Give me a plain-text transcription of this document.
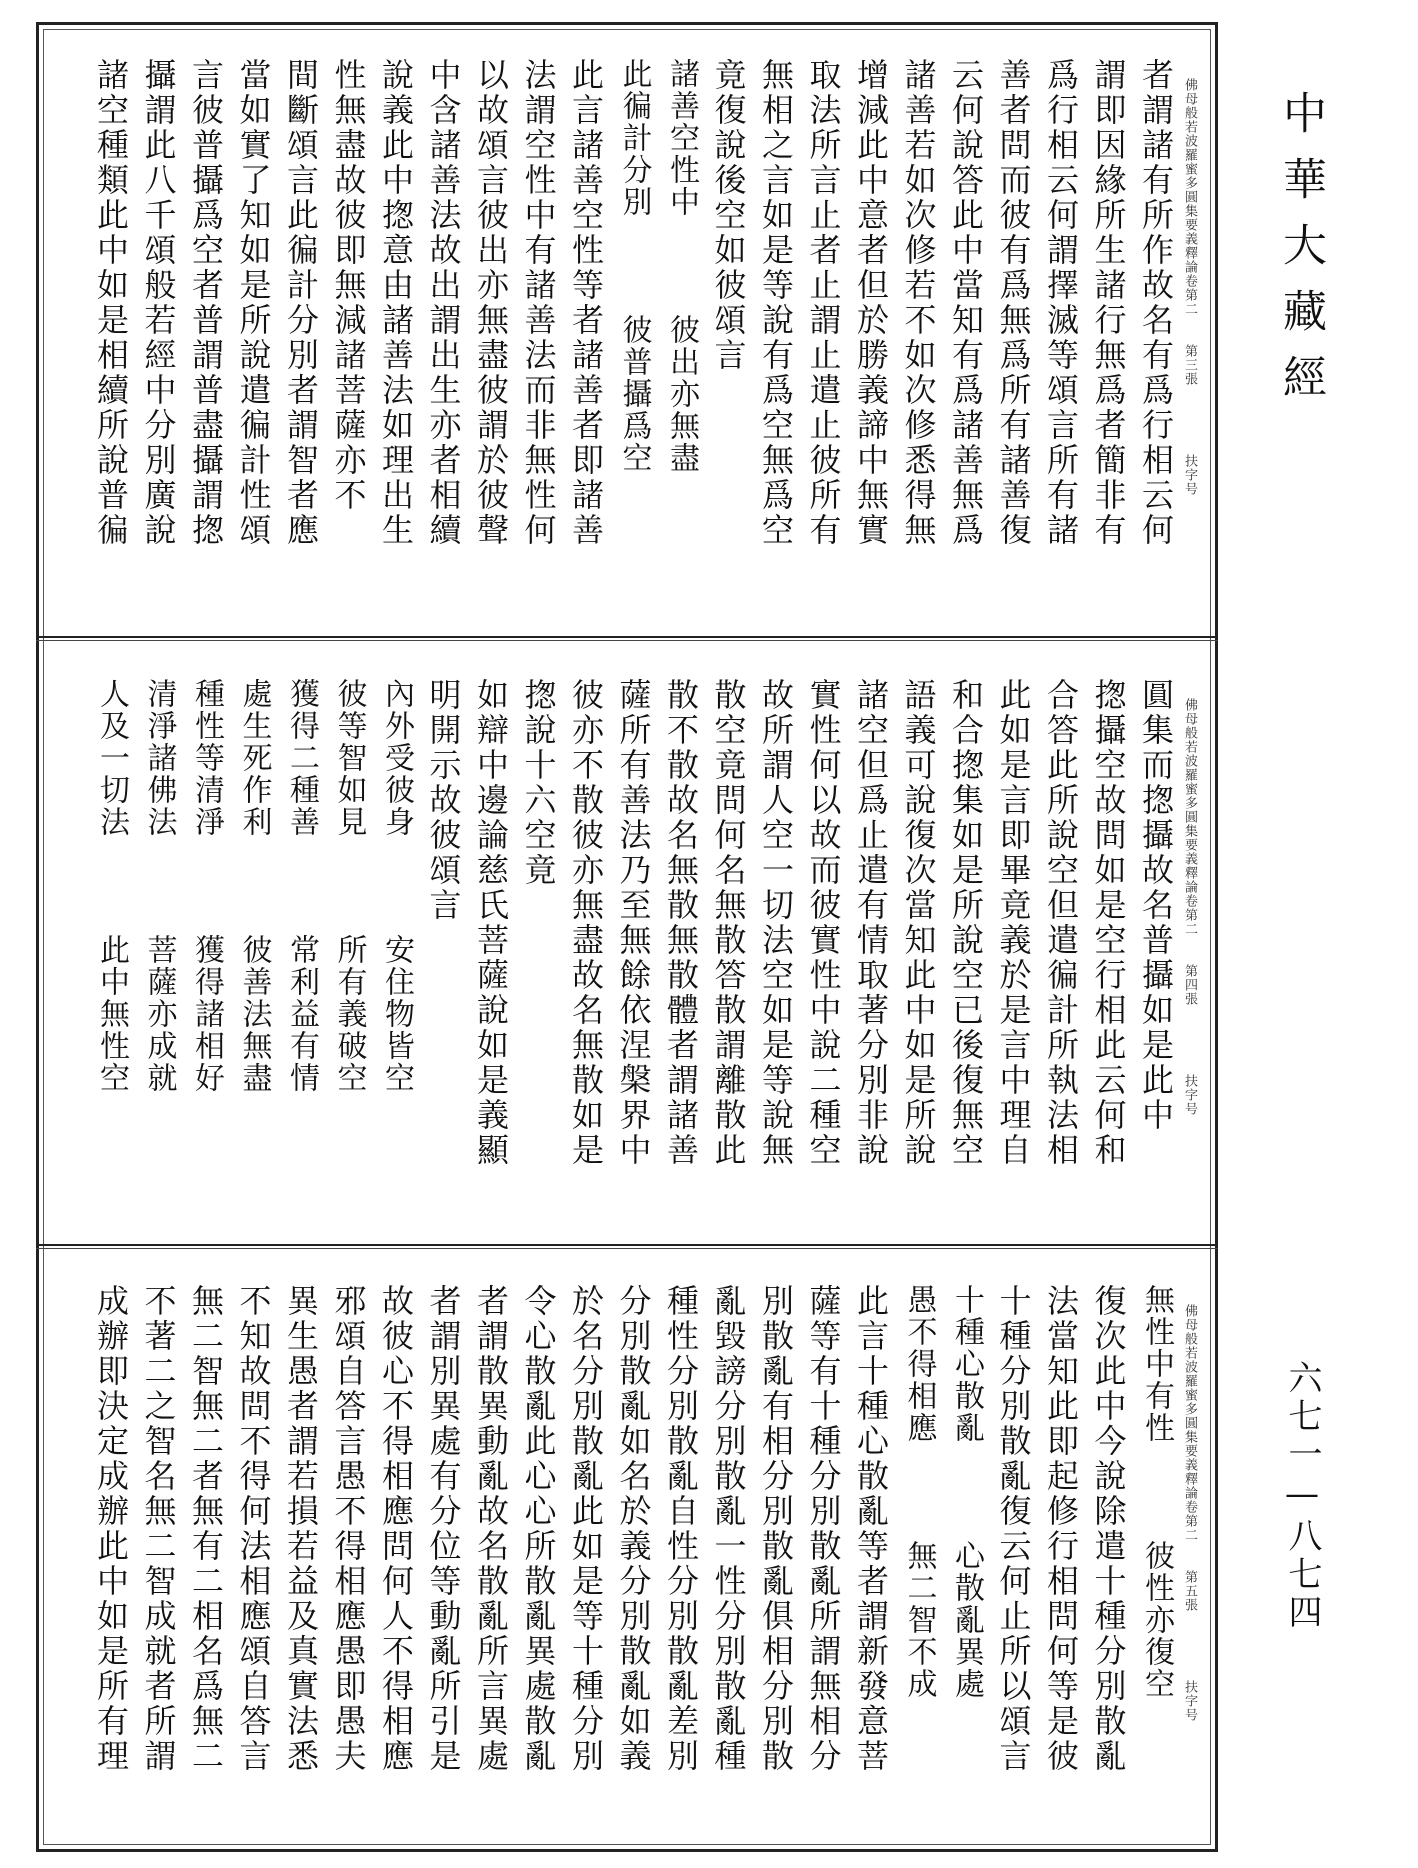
者謂諸有所作故名有爲行相云何
謂即因緣所生諸行無爲者簡非有
爲行相云何謂擇滅等頌言所有諸
善者問而彼有爲無爲所有諸善復
云何說答此中當知有爲諸善無爲
諸善若如次修若不如次修悉得無
增減此中意者但於勝義諦中無實
取法所言止者止謂止遣止彼所有
無相之言如是等說有爲空無爲空
竟復說後空如彼頌言
諸善空性中　　　彼出亦無盡
此徧計分別　　　彼普攝爲空
此言諸善空性等者諸善者即諸善
法謂空性中有諸善法而非無性何
以故頌言彼出亦無盡彼謂於彼聲
中含諸善法故出謂出生亦者相續
說義此中揔意由諸善法如理出生
性無盡故彼即無減諸菩薩亦不
間斷頌言此徧計分別者謂智者應
當如實了知如是所說遣徧計性頌
言彼普攝爲空者普謂普盡攝謂揔
攝謂此八千頌般若經中分別廣說
諸空種類此中如是相續所說普徧	佛母般若波羅蜜多圓集要義釋論卷第二
第三張
扶字号
圓集而揔攝故名普攝如是此中
揔攝空故問如是空行相此云何和
合答此所說空但遣徧計所執法相
此如是言即畢竟義於是言中理自
和合揔集如是所說空已後復無空
語義可說復次當知此中如是所說
諸空但爲止遣有情取著分別非說
實性何以故而彼實性中說二種空
故所謂人空一切法空如是等說無
散空竟問何名無散答散謂離散此
散不散故名無散無散體者謂諸善
薩所有善法乃至無餘依涅槃界中
彼亦不散彼亦無盡故名無散如是
揔說十六空竟
如辯中邊論慈氏菩薩說如是義顯
明開示故彼頌言
內外受彼身　　　安住物皆空
彼等智如見　　　所有義破空
獲得二種善　　　常利益有情
處生死作利　　　彼善法無盡
種性等清淨　　　獲得諸相好
清淨諸佛法　　　菩薩亦成就
人及一切法　　　此中無性空	佛母般若波羅蜜多圓集要義釋論卷第二
第四張
扶字号
無性中有性　　　彼性亦復空
復次此中今說除遣十種分別散亂
法當知此即起修行相問何等是彼
十種分別散亂復云何止所以頌言
十種心散亂　　　心散亂異處
愚不得相應　　　無二智不成
此言十種心散亂等者謂新發意菩
薩等有十種分別散亂所謂無相分
別散亂有相分別散亂俱相分別散
亂毀謗分別散亂一性分別散亂種
種性分別散亂自性分別散亂差別
分別散亂如名於義分別散亂如義
於名分別散亂此如是等十種分別
令心散亂此心心所散亂異處散亂
者謂散異動亂故名散亂所言異處
者謂別異處有分位等動亂所引是
故彼心不得相應問何人不得相應
邪頌自答言愚不得相應愚即愚夫
異生愚者謂若損若益及真實法悉
不知故問不得何法相應頌自答言
無二智無二者無有二相名爲無二
不著二之智名無二智成就者所謂
成辦即決定成辦此中如是所有理	佛母般若波羅蜜多圓集要義釋論卷第二
第五張
扶字号
中華大藏經
六七一—八七四
